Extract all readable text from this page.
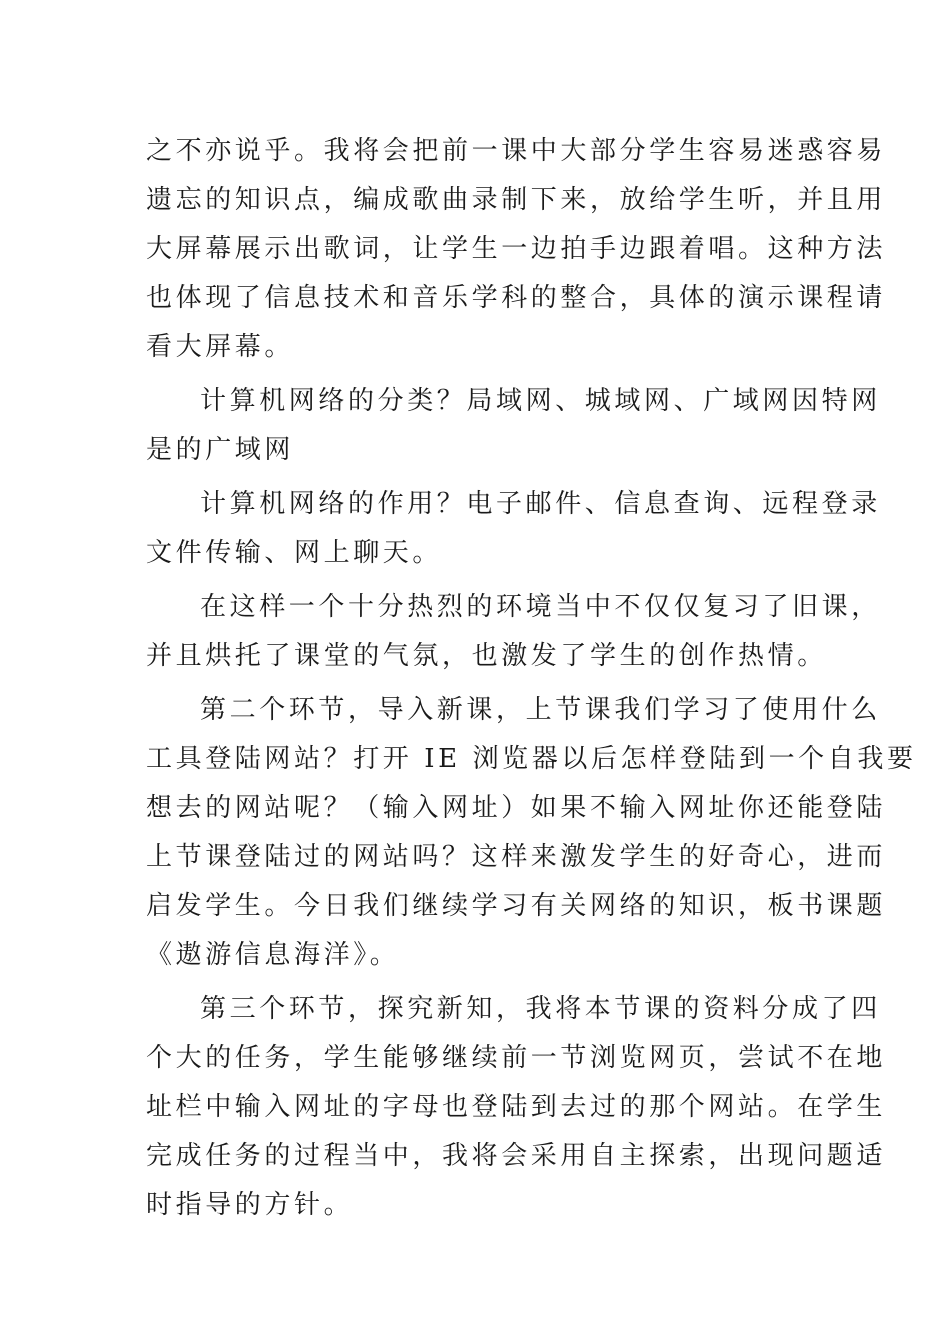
之不亦说乎。我将会把前一课中大部分学生容易迷惑容易
遗忘的知识点，编成歌曲录制下来，放给学生听，并且用
大屏幕展示出歌词，让学生一边拍手边跟着唱。这种方法
也体现了信息技术和音乐学科的整合，具体的演示课程请
看大屏幕。
计算机网络的分类？局域网、城域网、广域网因特网
是的广域网
计算机网络的作用？电子邮件、信息查询、远程登录
文件传输、网上聊天。
在这样一个十分热烈的环境当中不仅仅复习了旧课，
并且烘托了课堂的气氛，也激发了学生的创作热情。
第二个环节，导入新课，上节课我们学习了使用什么
工具登陆网站？打开 IE 浏览器以后怎样登陆到一个自我要
想去的网站呢？（输入网址）如果不输入网址你还能登陆
上节课登陆过的网站吗？这样来激发学生的好奇心，进而
启发学生。今日我们继续学习有关网络的知识，板书课题
《遨游信息海洋》。
第三个环节，探究新知，我将本节课的资料分成了四
个大的任务，学生能够继续前一节浏览网页，尝试不在地
址栏中输入网址的字母也登陆到去过的那个网站。在学生
完成任务的过程当中，我将会采用自主探索，出现问题适
时指导的方针。
